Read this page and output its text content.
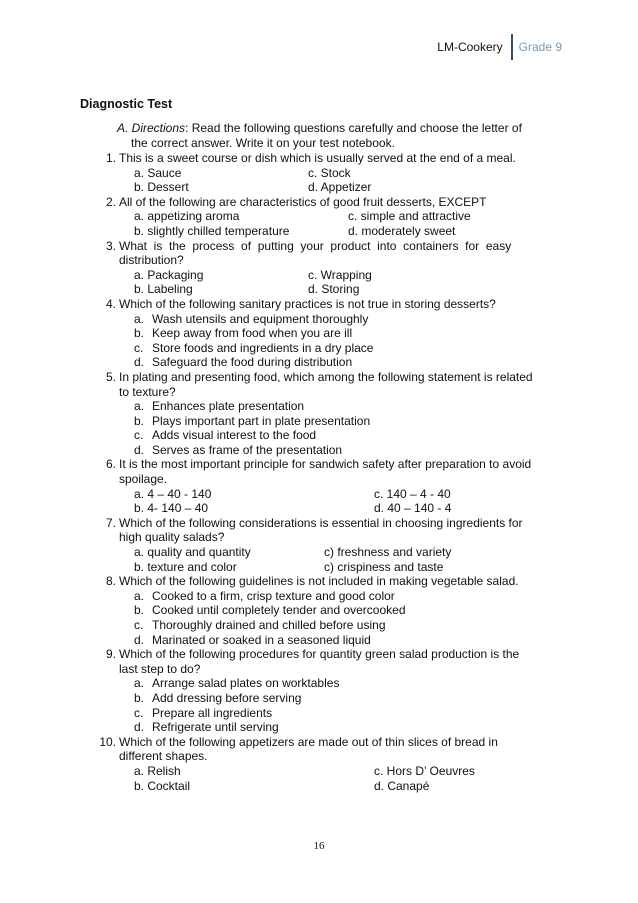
LM-Cookery	Grade 9
Diagnostic Test
A. Directions: Read the following questions carefully and choose the letter of
the correct answer. Write it on your test notebook.
1. This is a sweet course or dish which is usually served at the end of a meal.
a. Sauce	c. Stock
b. Dessert	d. Appetizer
2. All of the following are characteristics of good fruit desserts, EXCEPT
a. appetizing aroma	c. simple and attractive
b. slightly chilled temperature	d. moderately sweet
3. What  is  the  process  of  putting  your  product  into  containers  for  easy
distribution?
a. Packaging	c. Wrapping
b. Labeling	d. Storing
4. Which of the following sanitary practices is not true in storing desserts?
a. Wash utensils and equipment thoroughly
b. Keep away from food when you are ill
c. Store foods and ingredients in a dry place
d. Safeguard the food during distribution
5. In plating and presenting food, which among the following statement is related
to texture?
a. Enhances plate presentation
b. Plays important part in plate presentation
c. Adds visual interest to the food
d. Serves as frame of the presentation
6. It is the most important principle for sandwich safety after preparation to avoid
spoilage.
a. 4 – 40 - 140	c. 140 – 4 - 40
b. 4- 140 – 40	d. 40 – 140 - 4
7. Which of the following considerations is essential in choosing ingredients for
high quality salads?
a. quality and quantity	c) freshness and variety
b. texture and color	c) crispiness and taste
8. Which of the following guidelines is not included in making vegetable salad.
a. Cooked to a firm, crisp texture and good color
b. Cooked until completely tender and overcooked
c. Thoroughly drained and chilled before using
d. Marinated or soaked in a seasoned liquid
9. Which of the following procedures for quantity green salad production is the
last step to do?
a. Arrange salad plates on worktables
b. Add dressing before serving
c. Prepare all ingredients
d. Refrigerate until serving
10. Which of the following appetizers are made out of thin slices of bread in
different shapes.
a. Relish	c. Hors D’ Oeuvres
b. Cocktail	d. Canapé
16
